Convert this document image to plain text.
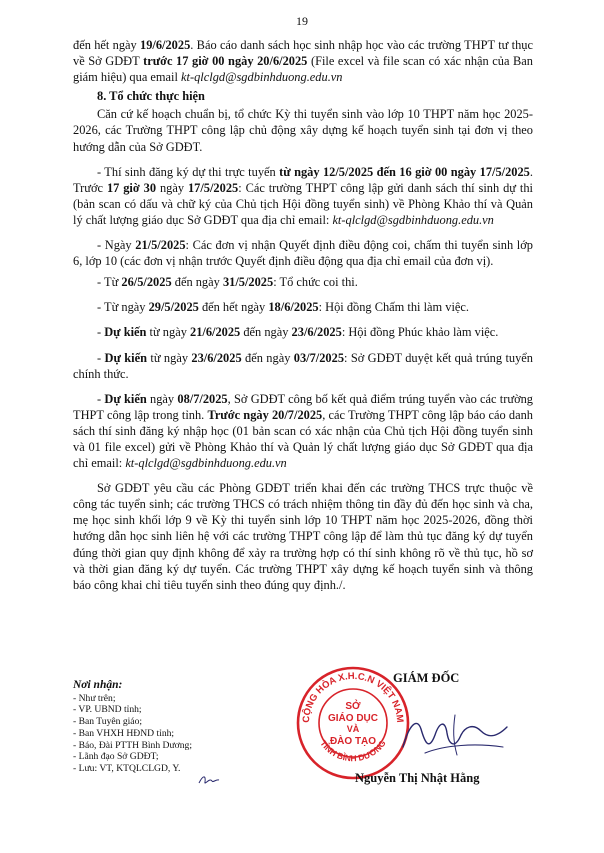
19

đến hết ngày 19/6/2025. Báo cáo danh sách học sinh nhập học vào các trường THPT tư thục về Sở GDĐT trước 17 giờ 00 ngày 20/6/2025 (File excel và file scan có xác nhận của Ban giám hiệu) qua email kt-qlclgd@sgdbinhduong.edu.vn

8. Tổ chức thực hiện

Căn cứ kế hoạch chuẩn bị, tổ chức Kỳ thi tuyển sinh vào lớp 10 THPT năm học 2025-2026, các Trường THPT công lập chủ động xây dựng kế hoạch tuyển sinh tại đơn vị theo hướng dẫn của Sở GDĐT.

- Thí sinh đăng ký dự thi trực tuyến từ ngày 12/5/2025 đến 16 giờ 00 ngày 17/5/2025. Trước 17 giờ 30 ngày 17/5/2025: Các trường THPT công lập gửi danh sách thí sinh dự thi (bản scan có dấu và chữ ký của Chủ tịch Hội đồng tuyển sinh) về Phòng Khảo thí và Quản lý chất lượng giáo dục Sở GDĐT qua địa chỉ email: kt-qlclgd@sgdbinhduong.edu.vn

- Ngày 21/5/2025: Các đơn vị nhận Quyết định điều động coi, chấm thi tuyển sinh lớp 6, lớp 10 (các đơn vị nhận trước Quyết định điều động qua địa chỉ email của đơn vị).

- Từ 26/5/2025 đến ngày 31/5/2025: Tổ chức coi thi.

- Từ ngày 29/5/2025 đến hết ngày 18/6/2025: Hội đồng Chấm thi làm việc.

- Dự kiến từ ngày 21/6/2025 đến ngày 23/6/2025: Hội đồng Phúc khảo làm việc.

- Dự kiến từ ngày 23/6/2025 đến ngày 03/7/2025: Sở GDĐT duyệt kết quả trúng tuyển chính thức.

- Dự kiến ngày 08/7/2025, Sở GDĐT công bố kết quả điểm trúng tuyển vào các trường THPT công lập trong tỉnh. Trước ngày 20/7/2025, các Trường THPT công lập báo cáo danh sách thí sinh đăng ký nhập học (01 bản scan có xác nhận của Chủ tịch Hội đồng tuyển sinh và 01 file excel) gửi về Phòng Khảo thí và Quản lý chất lượng giáo dục Sở GDĐT qua địa chỉ email: kt-qlclgd@sgdbinhduong.edu.vn

Sở GDĐT yêu cầu các Phòng GDĐT triển khai đến các trường THCS trực thuộc về công tác tuyển sinh; các trường THCS có trách nhiệm thông tin đầy đủ đến học sinh và cha, mẹ học sinh khối lớp 9 về Kỳ thi tuyển sinh lớp 10 THPT năm học 2025-2026, đồng thời hướng dẫn học sinh liên hệ với các trường THPT công lập để làm thủ tục đăng ký dự tuyển đúng thời gian quy định không để xảy ra trường hợp có thí sinh không rõ về thủ tục, hồ sơ và thời gian đăng ký dự tuyển. Các trường THPT xây dựng kế hoạch tuyển sinh và thông báo công khai chỉ tiêu tuyển sinh theo đúng quy định./.

Nơi nhận:
- Như trên;
- VP. UBND tỉnh;
- Ban Tuyên giáo;
- Ban VHXH HĐND tỉnh;
- Báo, Đài PTTH Bình Dương;
- Lãnh đạo Sở GDĐT;
- Lưu: VT, KTQLCLGD, Y.
CỘNG HÒA X.H.C.N VIỆT NAM
TỈNH BÌNH DƯƠNG
SỞ
GIÁO DỤC
VÀ
ĐÀO TẠO
GIÁM ĐỐC
Nguyễn Thị Nhật Hằng
